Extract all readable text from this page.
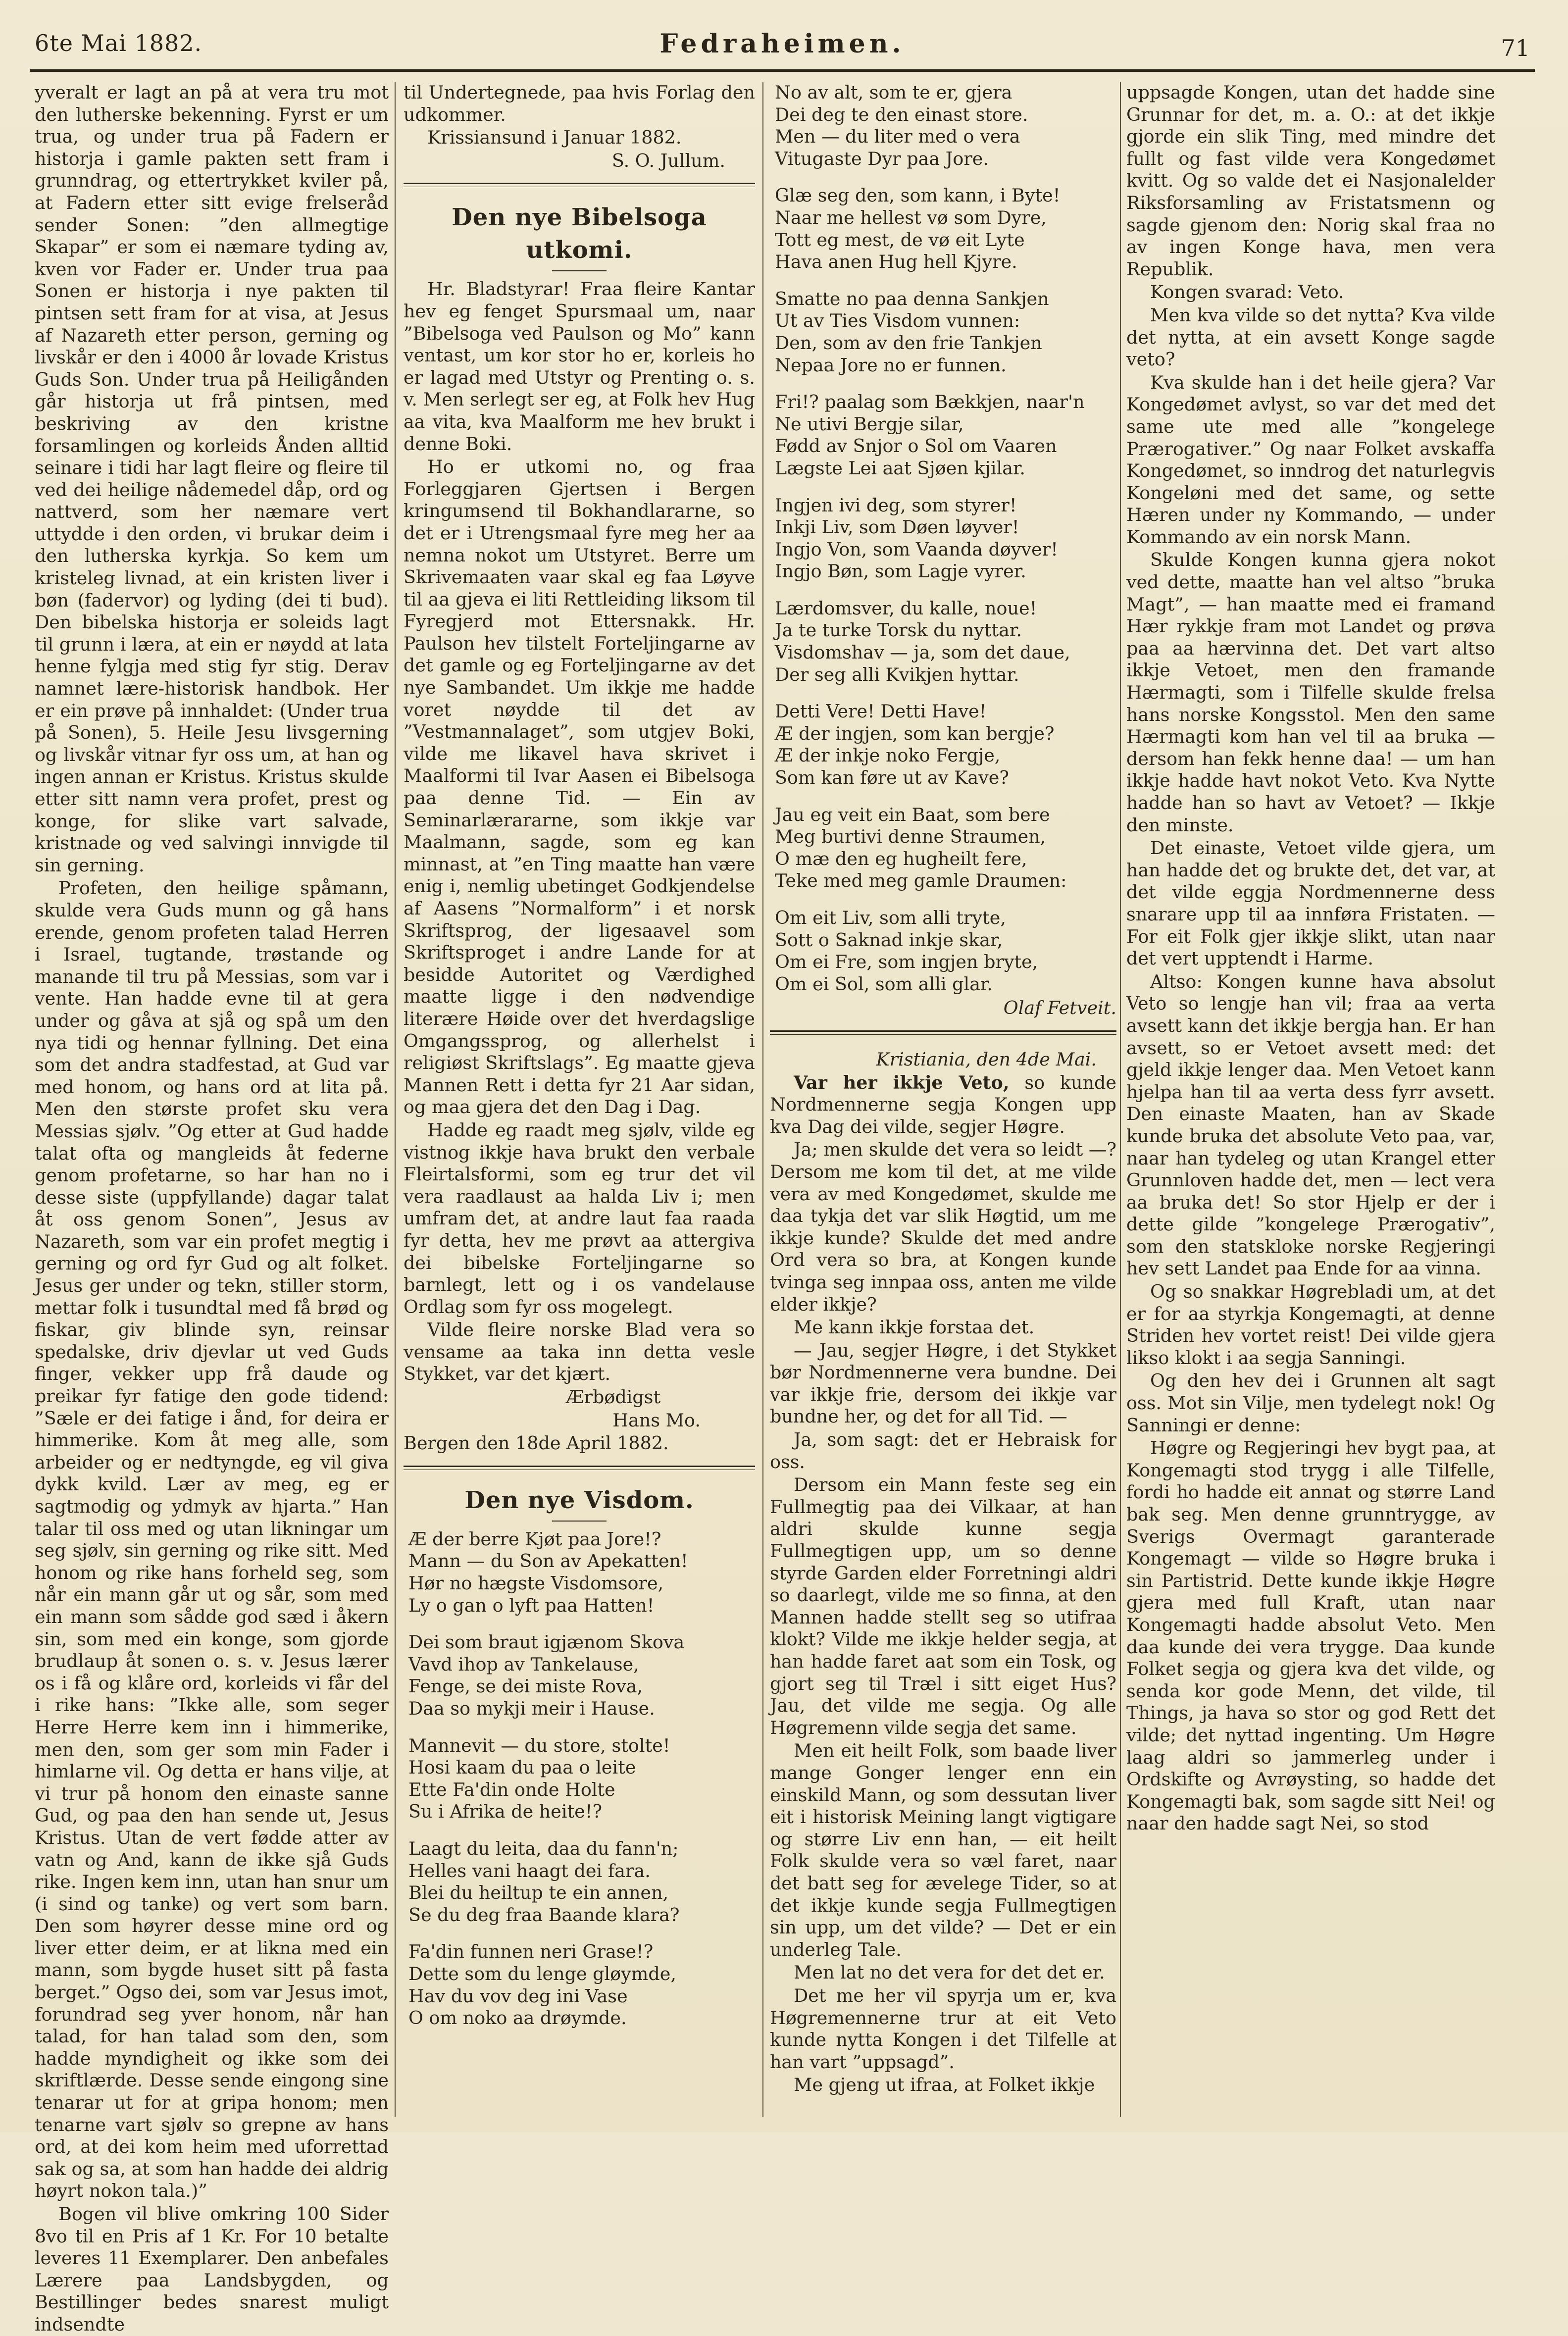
6te Mai 1882.	Fedraheimen.	71

yveralt er lagt an på at vera tru mot den lutherske bekenning. Fyrst er um trua, og under trua på Fadern er historja i gamle pakten sett fram i grunndrag, og ettertrykket kviler på, at Fadern etter sitt evige frelseråd sender Sonen: ”den allmegtige Skapar” er som ei næmare tyding av, kven vor Fader er. Under trua paa Sonen er historja i nye pakten til pintsen sett fram for at visa, at Jesus af Nazareth etter person, gerning og livskår er den i 4000 år lovade Kristus Guds Son. Under trua på Heiligånden går historja ut frå pintsen, med beskriving av den kristne forsamlingen og korleids Ånden alltid seinare i tidi har lagt fleire og fleire til ved dei heilige nådemedel dåp, ord og nattverd, som her næmare vert uttydde i den orden, vi brukar deim i den lutherska kyrkja. So kem um kristeleg livnad, at ein kristen liver i bøn (fadervor) og lyding (dei ti bud). Den bibelska historja er soleids lagt til grunn i læra, at ein er nøydd at lata henne fylgja med stig fyr stig. Derav namnet lære-historisk handbok. Her er ein prøve på innhaldet: (Under trua på Sonen), 5. Heile Jesu livsgerning og livskår vitnar fyr oss um, at han og ingen annan er Kristus. Kristus skulde etter sitt namn vera profet, prest og konge, for slike vart salvade, kristnade og ved salvingi innvigde til sin gerning.

Profeten, den heilige spåmann, skulde vera Guds munn og gå hans erende, genom profeten talad Herren i Israel, tugtande, trøstande og manande til tru på Messias, som var i vente. Han hadde evne til at gera under og gåva at sjå og spå um den nya tidi og hennar fyllning. Det eina som det andra stadfestad, at Gud var med honom, og hans ord at lita på. Men den største profet sku vera Messias sjølv. ”Og etter at Gud hadde talat ofta og mangleids åt federne genom profetarne, so har han no i desse siste (uppfyllande) dagar talat åt oss genom Sonen”, Jesus av Nazareth, som var ein profet megtig i gerning og ord fyr Gud og alt folket. Jesus ger under og tekn, stiller storm, mettar folk i tusundtal med få brød og fiskar, giv blinde syn, reinsar spedalske, driv djevlar ut ved Guds finger, vekker upp frå daude og preikar fyr fatige den gode tidend: ”Sæle er dei fatige i ånd, for deira er himmerike. Kom åt meg alle, som arbeider og er nedtyngde, eg vil giva dykk kvild. Lær av meg, eg er sagtmodig og ydmyk av hjarta.” Han talar til oss med og utan likningar um seg sjølv, sin gerning og rike sitt. Med honom og rike hans forheld seg, som når ein mann går ut og sår, som med ein mann som sådde god sæd i åkern sin, som med ein konge, som gjorde brudlaup åt sonen o. s. v. Jesus lærer os i få og klåre ord, korleids vi får del i rike hans: ”Ikke alle, som seger Herre Herre kem inn i himmerike, men den, som ger som min Fader i himlarne vil. Og detta er hans vilje, at vi trur på honom den einaste sanne Gud, og paa den han sende ut, Jesus Kristus. Utan de vert fødde atter av vatn og And, kann de ikke sjå Guds rike. Ingen kem inn, utan han snur um (i sind og tanke) og vert som barn. Den som høyrer desse mine ord og liver etter deim, er at likna med ein mann, som bygde huset sitt på fasta berget.” Ogso dei, som var Jesus imot, forundrad seg yver honom, når han talad, for han talad som den, som hadde myndigheit og ikke som dei skriftlærde. Desse sende eingong sine tenarar ut for at gripa honom; men tenarne vart sjølv so grepne av hans ord, at dei kom heim med uforrettad sak og sa, at som han hadde dei aldrig høyrt nokon tala.)”

Bogen vil blive omkring 100 Sider 8vo til en Pris af 1 Kr. For 10 betalte leveres 11 Exemplarer. Den anbefales Lærere paa Landsbygden, og Bestillinger bedes snarest muligt indsendte

til Undertegnede, paa hvis Forlag den udkommer.

Krissiansund i Januar 1882.

S. O. Jullum.

Den nye Bibelsoga utkomi.

Hr. Bladstyrar! Fraa fleire Kantar hev eg fenget Spursmaal um, naar ”Bibelsoga ved Paulson og Mo” kann ventast, um kor stor ho er, korleis ho er lagad med Utstyr og Prenting o. s. v. Men serlegt ser eg, at Folk hev Hug aa vita, kva Maalform me hev brukt i denne Boki.

Ho er utkomi no, og fraa Forleggjaren Gjertsen i Bergen kringumsend til Bokhandlararne, so det er i Utrengsmaal fyre meg her aa nemna nokot um Utstyret. Berre um Skrivemaaten vaar skal eg faa Løyve til aa gjeva ei liti Rettleiding liksom til Fyregjerd mot Ettersnakk. Hr. Paulson hev tilstelt Forteljingarne av det gamle og eg Forteljingarne av det nye Sambandet. Um ikkje me hadde voret nøydde til det av ”Vestmannalaget”, som utgjev Boki, vilde me likavel hava skrivet i Maalformi til Ivar Aasen ei Bibelsoga paa denne Tid. — Ein av Seminarlærararne, som ikkje var Maalmann, sagde, som eg kan minnast, at ”en Ting maatte han være enig i, nemlig ubetinget Godkjendelse af Aasens ”Normalform” i et norsk Skriftsprog, der ligesaavel som Skriftsproget i andre Lande for at besidde Autoritet og Værdighed maatte ligge i den nødvendige literære Høide over det hverdagslige Omgangssprog, og allerhelst i religiøst Skriftslags”. Eg maatte gjeva Mannen Rett i detta fyr 21 Aar sidan, og maa gjera det den Dag i Dag.

Hadde eg raadt meg sjølv, vilde eg vistnog ikkje hava brukt den verbale Fleirtalsformi, som eg trur det vil vera raadlaust aa halda Liv i; men umfram det, at andre laut faa raada fyr detta, hev me prøvt aa attergiva dei bibelske Forteljingarne so barnlegt, lett og i os vandelause Ordlag som fyr oss mogelegt.

Vilde fleire norske Blad vera so vensame aa taka inn detta vesle Stykket, var det kjært.

Ærbødigst

Hans Mo.

Bergen den 18de April 1882.

Den nye Visdom.
Æ der berre Kjøt paa Jore!?
Mann — du Son av Apekatten!
Hør no hægste Visdomsore,
Ly o gan o lyft paa Hatten!
Dei som braut igjænom Skova
Vavd ihop av Tankelause,
Fenge, se dei miste Rova,
Daa so mykji meir i Hause.
Mannevit — du store, stolte!
Hosi kaam du paa o leite
Ette Fa'din onde Holte
Su i Afrika de heite!?
Laagt du leita, daa du fann'n;
Helles vani haagt dei fara.
Blei du heiltup te ein annen,
Se du deg fraa Baande klara?
Fa'din funnen neri Grase!?
Dette som du lenge gløymde,
Hav du vov deg ini Vase
O om noko aa drøymde.
No av alt, som te er, gjera
Dei deg te den einast store.
Men — du liter med o vera
Vitugaste Dyr paa Jore.
Glæ seg den, som kann, i Byte!
Naar me hellest vø som Dyre,
Tott eg mest, de vø eit Lyte
Hava anen Hug hell Kjyre.
Smatte no paa denna Sankjen
Ut av Ties Visdom vunnen:
Den, som av den frie Tankjen
Nepaa Jore no er funnen.
Fri!? paalag som Bækkjen, naar'n
Ne utivi Bergje silar,
Fødd av Snjor o Sol om Vaaren
Lægste Lei aat Sjøen kjilar.
Ingjen ivi deg, som styrer!
Inkji Liv, som Døen løyver!
Ingjo Von, som Vaanda døyver!
Ingjo Bøn, som Lagje vyrer.
Lærdomsver, du kalle, noue!
Ja te turke Torsk du nyttar.
Visdomshav — ja, som det daue,
Der seg alli Kvikjen hyttar.
Detti Vere! Detti Have!
Æ der ingjen, som kan bergje?
Æ der inkje noko Fergje,
Som kan føre ut av Kave?
Jau eg veit ein Baat, som bere
Meg burtivi denne Straumen,
O mæ den eg hugheilt fere,
Teke med meg gamle Draumen:
Om eit Liv, som alli tryte,
Sott o Saknad inkje skar,
Om ei Fre, som ingjen bryte,
Om ei Sol, som alli glar.

Olaf Fetveit.

Kristiania, den 4de Mai.

Var her ikkje Veto, so kunde Nordmennerne segja Kongen upp kva Dag dei vilde, segjer Høgre.

Ja; men skulde det vera so leidt —? Dersom me kom til det, at me vilde vera av med Kongedømet, skulde me daa tykja det var slik Høgtid, um me ikkje kunde? Skulde det med andre Ord vera so bra, at Kongen kunde tvinga seg innpaa oss, anten me vilde elder ikkje?

Me kann ikkje forstaa det.

— Jau, segjer Høgre, i det Stykket bør Nordmennerne vera bundne. Dei var ikkje frie, dersom dei ikkje var bundne her, og det for all Tid. —

Ja, som sagt: det er Hebraisk for oss.

Dersom ein Mann feste seg ein Fullmegtig paa dei Vilkaar, at han aldri skulde kunne segja Fullmegtigen upp, um so denne styrde Garden elder Forretningi aldri so daarlegt, vilde me so finna, at den Mannen hadde stellt seg so utifraa klokt? Vilde me ikkje helder segja, at han hadde faret aat som ein Tosk, og gjort seg til Træl i sitt eiget Hus? Jau, det vilde me segja. Og alle Høgremenn vilde segja det same.

Men eit heilt Folk, som baade liver mange Gonger lenger enn ein einskild Mann, og som dessutan liver eit i historisk Meining langt vigtigare og større Liv enn han, — eit heilt Folk skulde vera so væl faret, naar det batt seg for ævelege Tider, so at det ikkje kunde segja Fullmegtigen sin upp, um det vilde? — Det er ein underleg Tale.

Men lat no det vera for det det er.

Det me her vil spyrja um er, kva Høgremennerne trur at eit Veto kunde nytta Kongen i det Tilfelle at han vart ”uppsagd”.

Me gjeng ut ifraa, at Folket ikkje

uppsagde Kongen, utan det hadde sine Grunnar for det, m. a. O.: at det ikkje gjorde ein slik Ting, med mindre det fullt og fast vilde vera Kongedømet kvitt. Og so valde det ei Nasjonalelder Riksforsamling av Fristatsmenn og sagde gjenom den: Norig skal fraa no av ingen Konge hava, men vera Republik.

Kongen svarad: Veto.

Men kva vilde so det nytta? Kva vilde det nytta, at ein avsett Konge sagde veto?

Kva skulde han i det heile gjera? Var Kongedømet avlyst, so var det med det same ute med alle ”kongelege Prærogativer.” Og naar Folket avskaffa Kongedømet, so inndrog det naturlegvis Kongeløni med det same, og sette Hæren under ny Kommando, — under Kommando av ein norsk Mann.

Skulde Kongen kunna gjera nokot ved dette, maatte han vel altso ”bruka Magt”, — han maatte med ei framand Hær rykkje fram mot Landet og prøva paa aa hærvinna det. Det vart altso ikkje Vetoet, men den framande Hærmagti, som i Tilfelle skulde frelsa hans norske Kongsstol. Men den same Hærmagti kom han vel til aa bruka — dersom han fekk henne daa! — um han ikkje hadde havt nokot Veto. Kva Nytte hadde han so havt av Vetoet? — Ikkje den minste.

Det einaste, Vetoet vilde gjera, um han hadde det og brukte det, det var, at det vilde eggja Nordmennerne dess snarare upp til aa innføra Fristaten. — For eit Folk gjer ikkje slikt, utan naar det vert upptendt i Harme.

Altso: Kongen kunne hava absolut Veto so lengje han vil; fraa aa verta avsett kann det ikkje bergja han. Er han avsett, so er Vetoet avsett med: det gjeld ikkje lenger daa. Men Vetoet kann hjelpa han til aa verta dess fyrr avsett. Den einaste Maaten, han av Skade kunde bruka det absolute Veto paa, var, naar han tydeleg og utan Krangel etter Grunnloven hadde det, men — lect vera aa bruka det! So stor Hjelp er der i dette gilde ”kongelege Prærogativ”, som den statskloke norske Regjeringi hev sett Landet paa Ende for aa vinna.

Og so snakkar Høgrebladi um, at det er for aa styrkja Kongemagti, at denne Striden hev vortet reist! Dei vilde gjera likso klokt i aa segja Sanningi.

Og den hev dei i Grunnen alt sagt oss. Mot sin Vilje, men tydelegt nok! Og Sanningi er denne:

Høgre og Regjeringi hev bygt paa, at Kongemagti stod trygg i alle Tilfelle, fordi ho hadde eit annat og større Land bak seg. Men denne grunntrygge, av Sverigs Overmagt garanterade Kongemagt — vilde so Høgre bruka i sin Partistrid. Dette kunde ikkje Høgre gjera med full Kraft, utan naar Kongemagti hadde absolut Veto. Men daa kunde dei vera trygge. Daa kunde Folket segja og gjera kva det vilde, og senda kor gode Menn, det vilde, til Things, ja hava so stor og god Rett det vilde; det nyttad ingenting. Um Høgre laag aldri so jammerleg under i Ordskifte og Avrøysting, so hadde det Kongemagti bak, som sagde sitt Nei! og naar den hadde sagt Nei, so stod
